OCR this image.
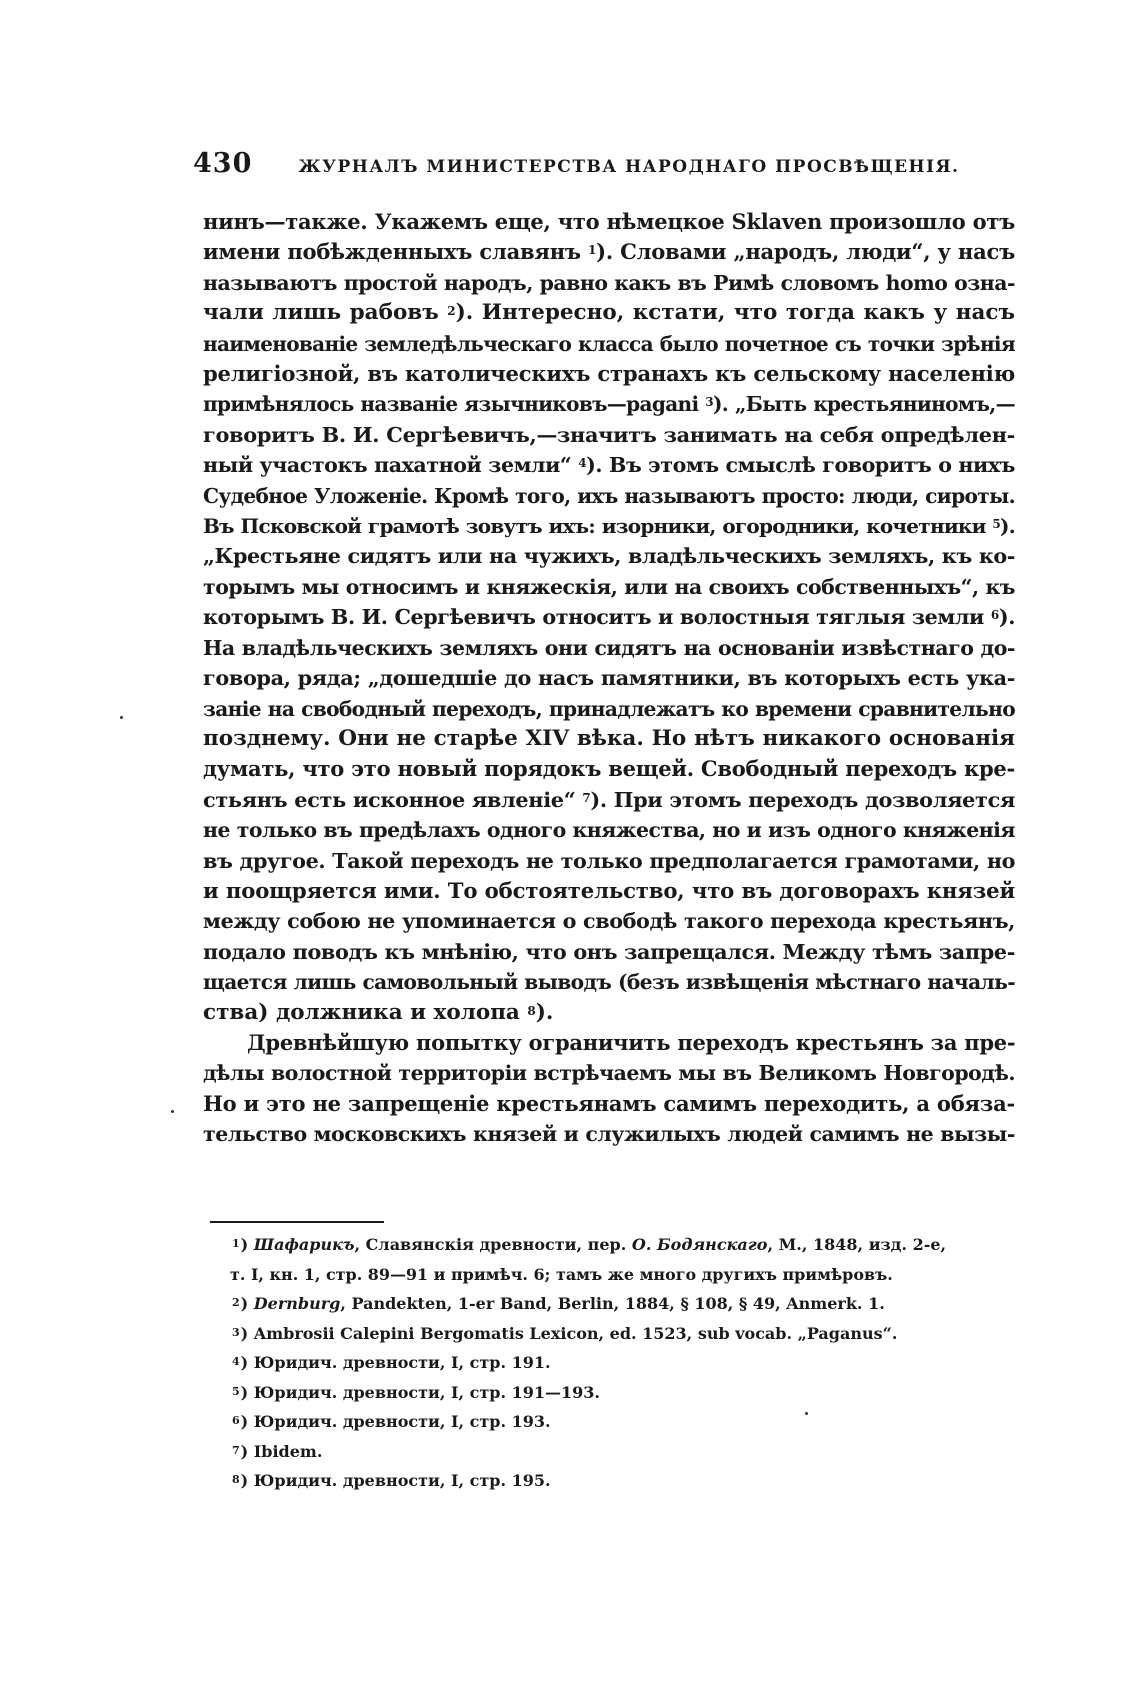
430	ЖУРНАЛЪ МИНИСТЕРСТВА НАРОДНАГО ПРОСВѢЩЕНІЯ.
нинъ—также. Укажемъ еще, что нѣмецкое Sklaven произошло отъ
имени побѣжденныхъ славянъ $^1$). Словами „народъ, люди“, у насъ
называютъ простой народъ, равно какъ въ Римѣ словомъ homo озна-
чали лишь рабовъ $^2$). Интересно, кстати, что тогда какъ у насъ
наименованіе земледѣльческаго класса было почетное съ точки зрѣнія
религіозной, въ католическихъ странахъ къ сельскому населенію
примѣнялось названіе язычниковъ—pagani $^3$). „Быть крестьяниномъ,—
говоритъ В. И. Сергѣевичъ,—значитъ занимать на себя опредѣлен-
ный участокъ пахатной земли“ $^4$). Въ этомъ смыслѣ говоритъ о нихъ
Судебное Уложеніе. Кромѣ того, ихъ называютъ просто: люди, сироты.
Въ Псковской грамотѣ зовутъ ихъ: изорники, огородники, кочетники $^5$).
„Крестьяне сидятъ или на чужихъ, владѣльческихъ земляхъ, къ ко-
торымъ мы относимъ и княжескія, или на своихъ собственныхъ“, къ
которымъ В. И. Сергѣевичъ относитъ и волостныя тяглыя земли $^6$).
На владѣльческихъ земляхъ они сидятъ на основаніи извѣстнаго до-
говора, ряда; „дошедшіе до насъ памятники, въ которыхъ есть ука-
заніе на свободный переходъ, принадлежатъ ко времени сравнительно
позднему. Они не старѣе XIV вѣка. Но нѣтъ никакого основанія
думать, что это новый порядокъ вещей. Свободный переходъ кре-
стьянъ есть исконное явленіе“ $^7$). При этомъ переходъ дозволяется
не только въ предѣлахъ одного княжества, но и изъ одного княженія
въ другое. Такой переходъ не только предполагается грамотами, но
и поощряется ими. То обстоятельство, что въ договорахъ князей
между собою не упоминается о свободѣ такого перехода крестьянъ,
подало поводъ къ мнѣнію, что онъ запрещался. Между тѣмъ запре-
щается лишь самовольный выводъ (безъ извѣщенія мѣстнаго началь-
ства) должника и холопа $^8$).
Древнѣйшую попытку ограничить переходъ крестьянъ за пре-
дѣлы волостной территоріи встрѣчаемъ мы въ Великомъ Новгородѣ.
Но и это не запрещеніе крестьянамъ самимъ переходить, а обяза-
тельство московскихъ князей и служилыхъ людей самимъ не вызы-
$^1$) Шафарикъ, Славянскія древности, пер. О. Бодянскаго, М., 1848, изд. 2-е,
т. I, кн. 1, стр. 89—91 и примѣч. 6; тамъ же много другихъ примѣровъ.
$^2$) Dernburg, Pandekten, 1-er Band, Berlin, 1884, § 108, § 49, Anmerk. 1.
$^3$) Ambrosii Calepini Bergomatis Lexicon, ed. 1523, sub vocab. „Paganus“.
$^4$) Юридич. древности, I, стр. 191.
$^5$) Юридич. древности, I, стр. 191—193.
$^6$) Юридич. древности, I, стр. 193.
$^7$) Ibidem.
$^8$) Юридич. древности, I, стр. 195.
